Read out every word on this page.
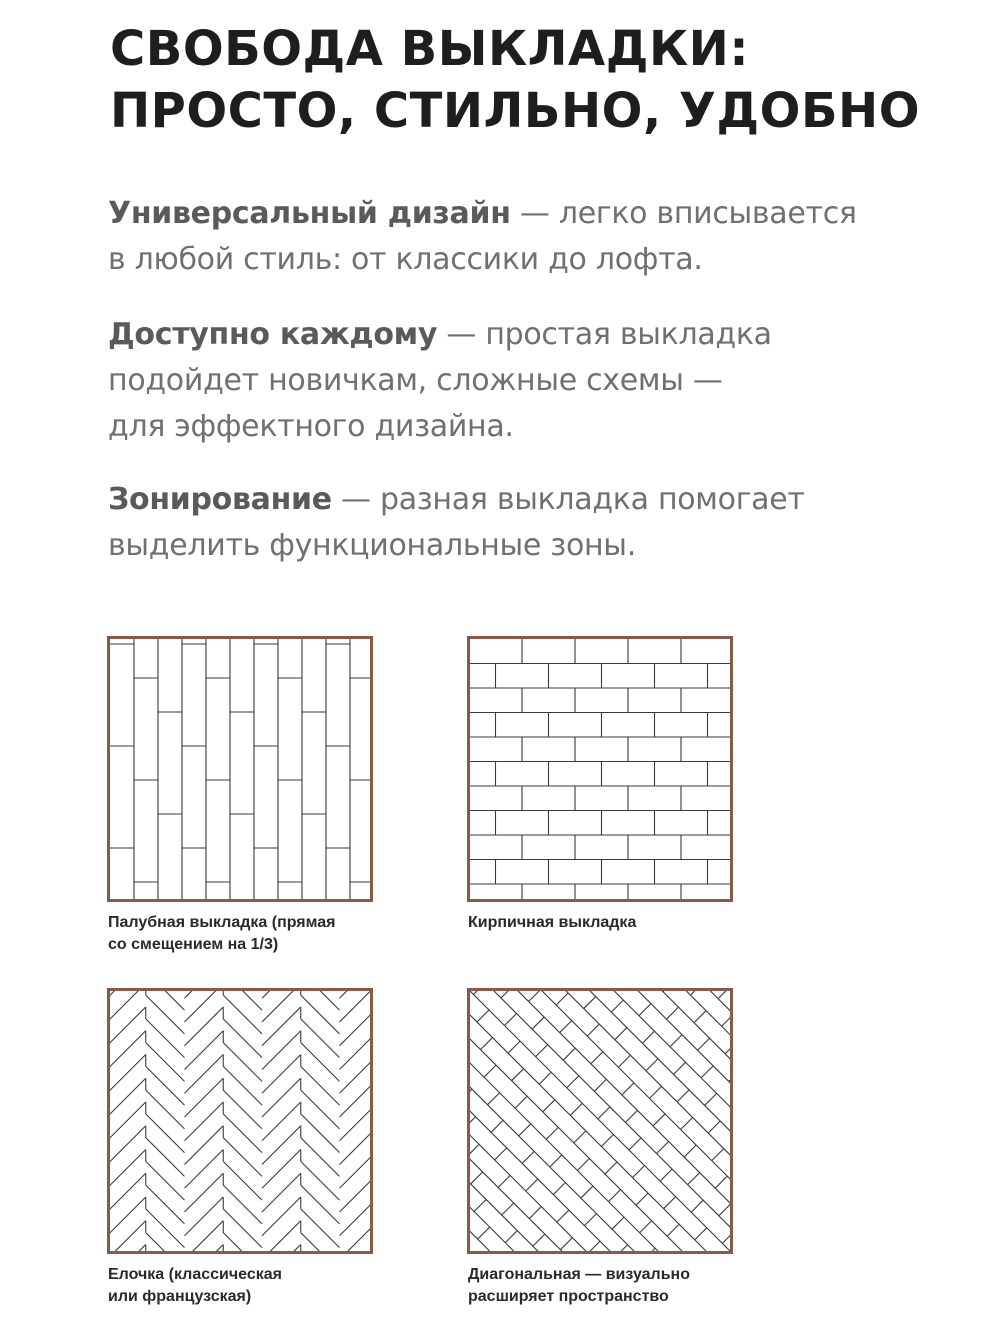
СВОБОДА ВЫКЛАДКИ:
ПРОСТО, СТИЛЬНО, УДОБНО

Универсальный дизайн — легко вписывается
в любой стиль: от классики до лофта.

Доступно каждому — простая выкладка
подойдет новичкам, сложные схемы —
для эффектного дизайна.

Зонирование — разная выкладка помогает
выделить функциональные зоны.

Палубная выкладка (прямая
со смещением на 1/3)
Кирпичная выкладка
Елочка (классическая
или французская)
Диагональная — визуально
расширяет пространство
